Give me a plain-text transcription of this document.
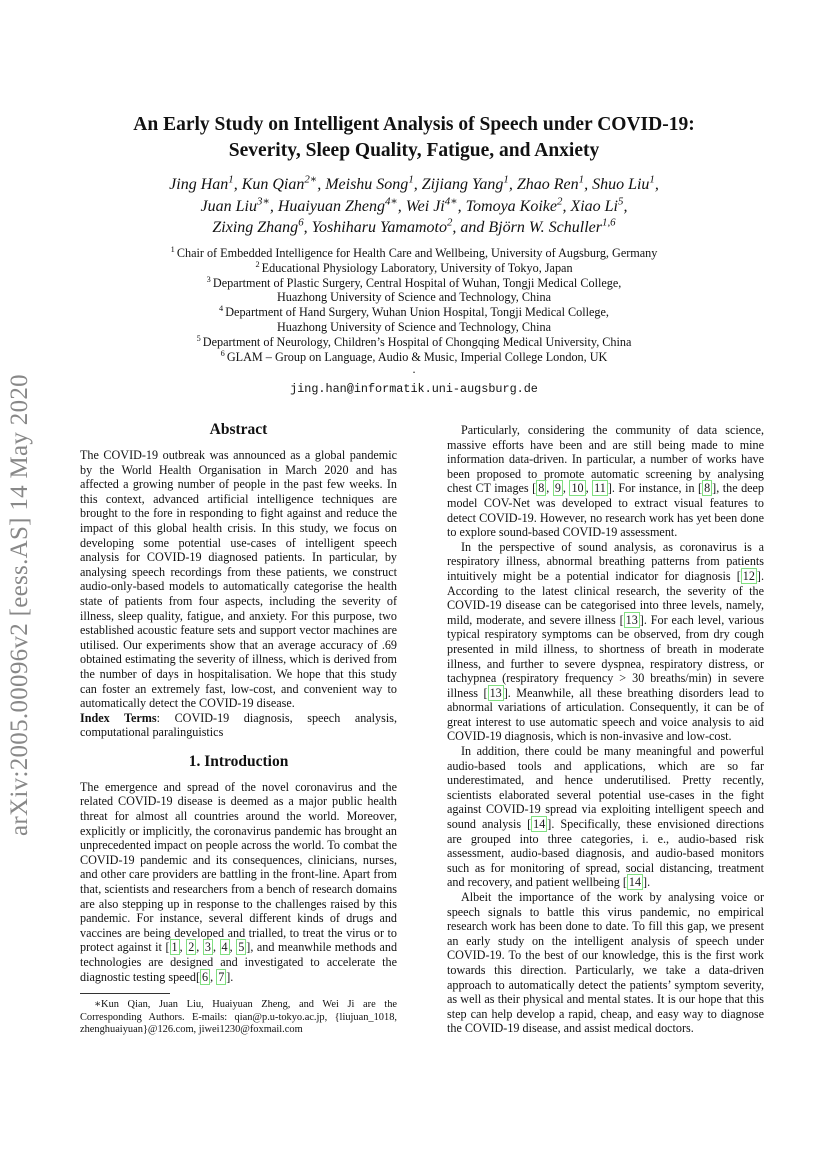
arXiv:2005.00096v2 [eess.AS] 14 May 2020
An Early Study on Intelligent Analysis of Speech under COVID-19:
Severity, Sleep Quality, Fatigue, and Anxiety
Jing Han$^1$, Kun Qian$^{2∗}$, Meishu Song$^1$, Zijiang Yang$^1$, Zhao Ren$^1$, Shuo Liu$^1$,
Juan Liu$^{3∗}$, Huaiyuan Zheng$^{4∗}$, Wei $Ji^{4∗}$, Tomoya Koike$^2$, Xiao Li$^5$,
Zixing Zhang$^6$, Yoshiharu Yamamoto$^2$, and Björn W. Schuller$^{1,6}$
$^1$ Chair of Embedded Intelligence for Health Care and Wellbeing, University of Augsburg, Germany
$^2$ Educational Physiology Laboratory, University of Tokyo, Japan
$^3$ Department of Plastic Surgery, Central Hospital of Wuhan, Tongji Medical College,
Huazhong University of Science and Technology, China
$^4$ Department of Hand Surgery, Wuhan Union Hospital, Tongji Medical College,
Huazhong University of Science and Technology, China
$^5$ Department of Neurology, Children’s Hospital of Chongqing Medical University, China
$^6$ GLAM – Group on Language, Audio & Music, Imperial College London, UK
.
jing.han@informatik.uni-augsburg.de
Abstract

The COVID-19 outbreak was announced as a global pandemic by the World Health Organisation in March 2020 and has affected a growing number of people in the past few weeks. In this context, advanced artificial intelligence techniques are brought to the fore in responding to fight against and reduce the impact of this global health crisis. In this study, we focus on developing some potential use-cases of intelligent speech analysis for COVID-19 diagnosed patients. In particular, by analysing speech recordings from these patients, we construct audio-only-based models to automatically categorise the health state of patients from four aspects, including the severity of illness, sleep quality, fatigue, and anxiety. For this purpose, two established acoustic feature sets and support vector machines are utilised. Our experiments show that an average accuracy of .69 obtained estimating the severity of illness, which is derived from the number of days in hospitalisation. We hope that this study can foster an extremely fast, low-cost, and convenient way to automatically detect the COVID-19 disease.

Index Terms: COVID-19 diagnosis, speech analysis, computational paralinguistics

1. Introduction

The emergence and spread of the novel coronavirus and the related COVID-19 disease is deemed as a major public health threat for almost all countries around the world. Moreover, explicitly or implicitly, the coronavirus pandemic has brought an unprecedented impact on people across the world. To combat the COVID-19 pandemic and its consequences, clinicians, nurses, and other care providers are battling in the front-line. Apart from that, scientists and researchers from a bench of research domains are also stepping up in response to the challenges raised by this pandemic. For instance, several different kinds of drugs and vaccines are being developed and trialled, to treat the virus or to protect against it [ 1 , 2 , 3 , 4 , 5 ], and meanwhile methods and technologies are designed and investigated to accelerate the diagnostic testing speed[ 6 , 7 ].

∗Kun Qian, Juan Liu, Huaiyuan Zheng, and Wei Ji are the Corresponding Authors. E-mails: qian@p.u-tokyo.ac.jp, {liujuan_1018, zhenghuaiyuan}@126.com, jiwei1230@foxmail.com

Particularly, considering the community of data science, massive efforts have been and are still being made to mine information data-driven. In particular, a number of works have been proposed to promote automatic screening by analysing chest CT images [ 8 , 9 , 10 , 11 ]. For instance, in [ 8 ], the deep model COV-Net was developed to extract visual features to detect COVID-19. However, no research work has yet been done to explore sound-based COVID-19 assessment.

In the perspective of sound analysis, as coronavirus is a respiratory illness, abnormal breathing patterns from patients intuitively might be a potential indicator for diagnosis [ 12 ]. According to the latest clinical research, the severity of the COVID-19 disease can be categorised into three levels, namely, mild, moderate, and severe illness [ 13 ]. For each level, various typical respiratory symptoms can be observed, from dry cough presented in mild illness, to shortness of breath in moderate illness, and further to severe dyspnea, respiratory distress, or tachypnea (respiratory frequency > 30 breaths/min) in severe illness [ 13 ]. Meanwhile, all these breathing disorders lead to abnormal variations of articulation. Consequently, it can be of great interest to use automatic speech and voice analysis to aid COVID-19 diagnosis, which is non-invasive and low-cost.

In addition, there could be many meaningful and powerful audio-based tools and applications, which are so far underestimated, and hence underutilised. Pretty recently, scientists elaborated several potential use-cases in the fight against COVID-19 spread via exploiting intelligent speech and sound analysis [ 14 ]. Specifically, these envisioned directions are grouped into three categories, i. e., audio-based risk assessment, audio-based diagnosis, and audio-based monitors such as for monitoring of spread, social distancing, treatment and recovery, and patient wellbeing [ 14 ].

Albeit the importance of the work by analysing voice or speech signals to battle this virus pandemic, no empirical research work has been done to date. To fill this gap, we present an early study on the intelligent analysis of speech under COVID-19. To the best of our knowledge, this is the first work towards this direction. Particularly, we take a data-driven approach to automatically detect the patients’ symptom severity, as well as their physical and mental states. It is our hope that this step can help develop a rapid, cheap, and easy way to diagnose the COVID-19 disease, and assist medical doctors.
